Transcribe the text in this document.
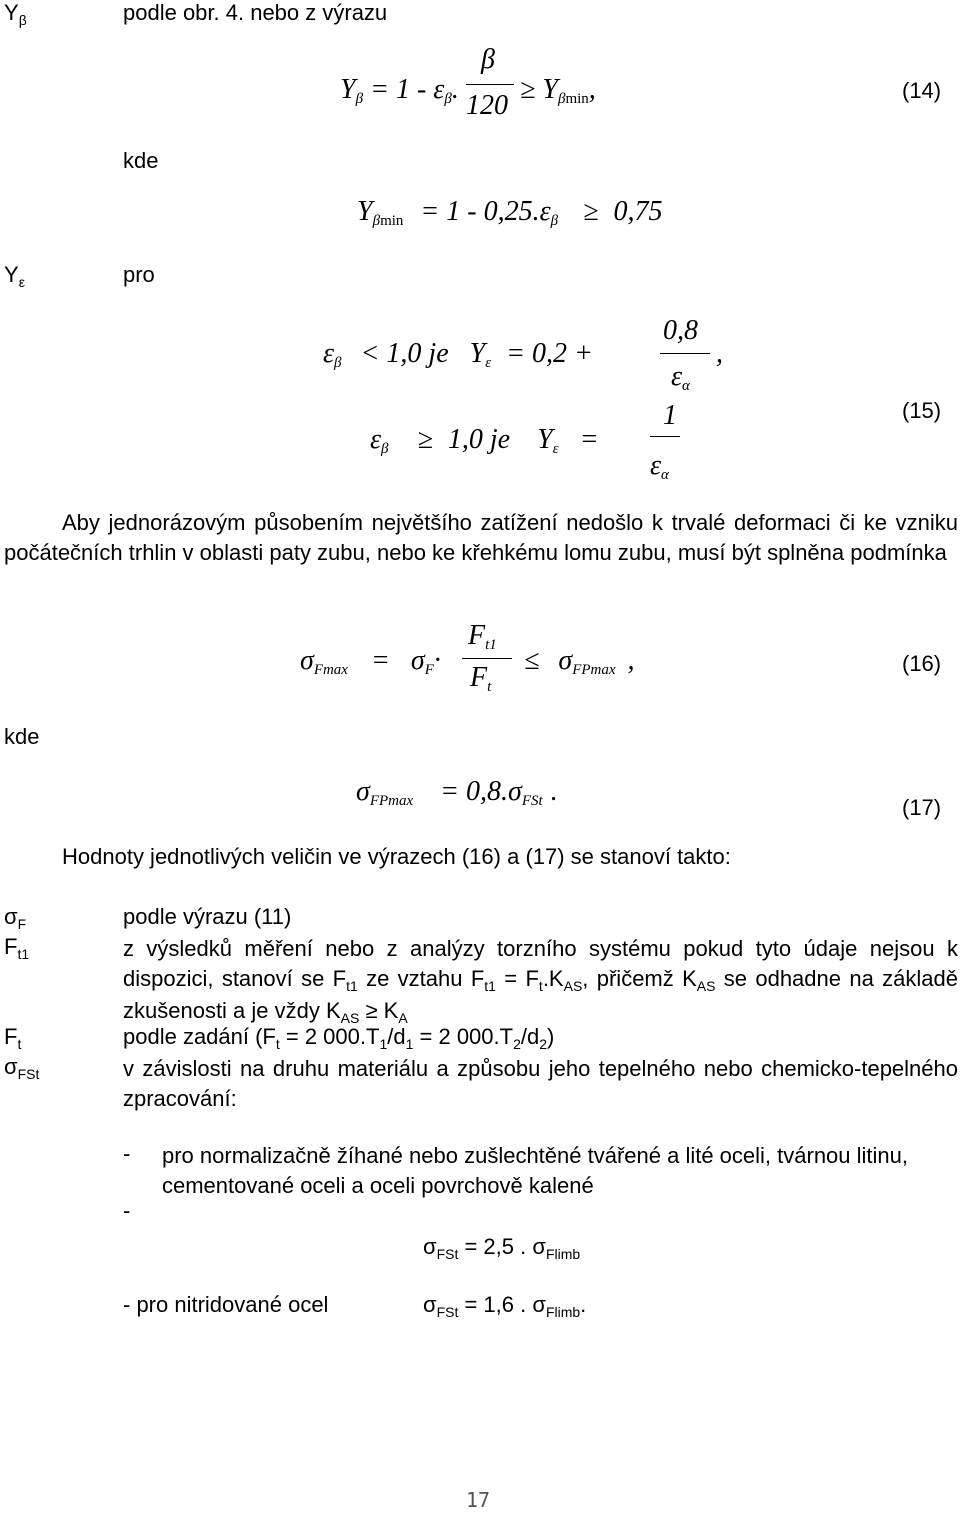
$Y_\beta$	podle obr. 4. nebo z výrazu
Yβ = 1 - εβ.
β
120
≥ Yβmin,	(14)
kde
Yβmin = 1 - 0,25.εβ ≥ 0,75
$Y_\varepsilon$	pro
εβ < 1,0 je Yε = 0,2 +
0,8
εα
,
εβ ≥ 1,0 je Yε =
1
εα
(15)
Aby jednorázovým působením největšího zatížení nedošlo k trvalé deformaci či ke vzniku počátečních trhlin v oblasti paty zubu, nebo ke křehkému lomu zubu, musí být splněna podmínka
σFmax = σF·
Ft1
Ft
≤ σFPmax ,	(16)
kde
σFPmax = 0,8.σFSt .
(17)
Hodnoty jednotlivých veličin ve výrazech (16) a (17) se stanoví takto:
$\sigma_F$	podle výrazu (11)
$F_{t1}$	z výsledků měření nebo z analýzy torzního systému pokud tyto údaje nejsou k dispozici, stanoví se $F_{t1}$ ze vztahu $F_{t1} = F_t.K_{AS}$, přičemž $K_{AS}$ se odhadne na základě zkušenosti a je vždy $K_{AS} \ge K_A$
$F_t$	podle zadání ($F_t = 2$ $000.T_1/d_1 = 2$ $000.T_2/d_2$)
$\sigma_{FSt}$	v závislosti na druhu materiálu a způsobu jeho tepelného nebo chemicko-tepelného zpracování:
- pro normalizačně žíhané nebo zušlechtěné tvářené a lité oceli, tvárnou litinu, cementované oceli a oceli povrchově kalené
-
$\sigma_{FSt} = 2,5$ . $\sigma_{Flimb}$
- pro nitridované ocel	$\sigma_{FSt} = 1,6$ . $\sigma_{Flimb}$.
17
